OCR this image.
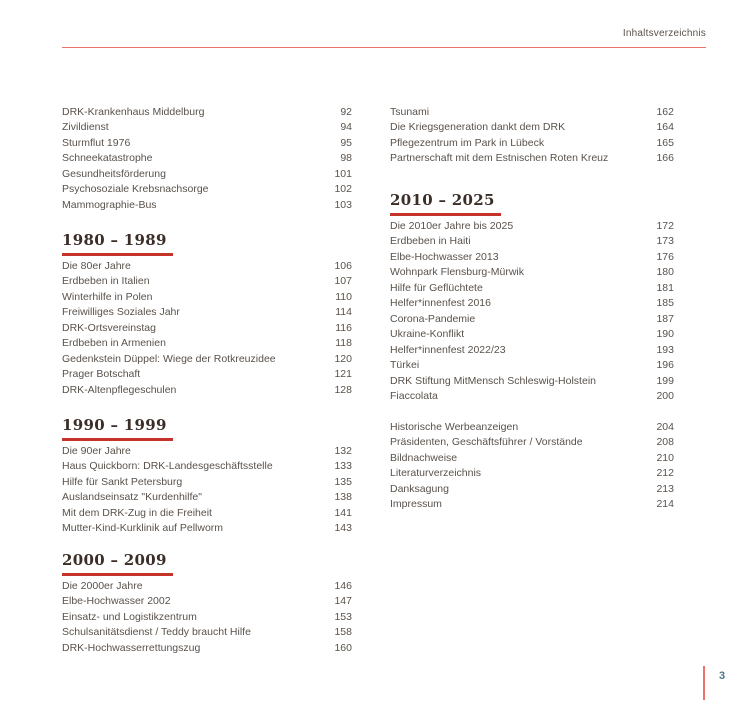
Inhaltsverzeichnis
DRK-Krankenhaus Middelburg	92
Zivildienst	94
Sturmflut 1976	95
Schneekatastrophe	98
Gesundheitsförderung	101
Psychosoziale Krebsnachsorge	102
Mammographie-Bus	103
1980 – 1989
Die 80er Jahre	106
Erdbeben in Italien	107
Winterhilfe in Polen	110
Freiwilliges Soziales Jahr	114
DRK-Ortsvereinstag	116
Erdbeben in Armenien	118
Gedenkstein Düppel: Wiege der Rotkreuzidee	120
Prager Botschaft	121
DRK-Altenpflegeschulen	128
1990 – 1999
Die 90er Jahre	132
Haus Quickborn: DRK-Landesgeschäftsstelle	133
Hilfe für Sankt Petersburg	135
Auslandseinsatz "Kurdenhilfe"	138
Mit dem DRK-Zug in die Freiheit	141
Mutter-Kind-Kurklinik auf Pellworm	143
2000 – 2009
Die 2000er Jahre	146
Elbe-Hochwasser 2002	147
Einsatz- und Logistikzentrum	153
Schulsanitätsdienst / Teddy braucht Hilfe	158
DRK-Hochwasserrettungszug	160
Tsunami	162
Die Kriegsgeneration dankt dem DRK	164
Pflegezentrum im Park in Lübeck	165
Partnerschaft mit dem Estnischen Roten Kreuz	166
2010 – 2025
Die 2010er Jahre bis 2025	172
Erdbeben in Haiti	173
Elbe-Hochwasser 2013	176
Wohnpark Flensburg-Mürwik	180
Hilfe für Geflüchtete	181
Helfer*innenfest 2016	185
Corona-Pandemie	187
Ukraine-Konflikt	190
Helfer*innenfest 2022/23	193
Türkei	196
DRK Stiftung MitMensch Schleswig-Holstein	199
Fiaccolata	200
Historische Werbeanzeigen	204
Präsidenten, Geschäftsführer / Vorstände	208
Bildnachweise	210
Literaturverzeichnis	212
Danksagung	213
Impressum	214
3
